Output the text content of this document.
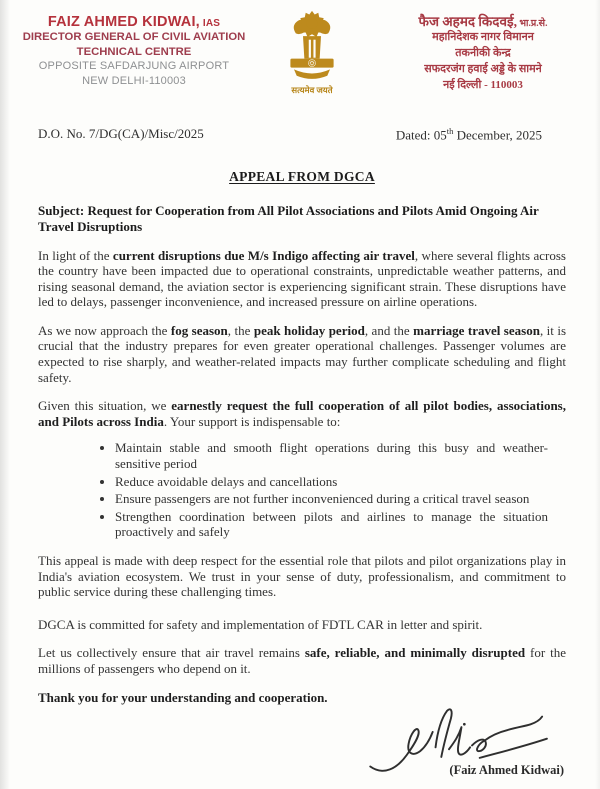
FAIZ AHMED KIDWAI, IAS
DIRECTOR GENERAL OF CIVIL AVIATION
TECHNICAL CENTRE
OPPOSITE SAFDARJUNG AIRPORT
NEW DELHI-110003
सत्यमेव जयते
फैज अहमद किदवई, भा.प्र.से.
महानिदेशक नागर विमानन
तकनीकी केन्द्र
सफदरजंग हवाई अड्डे के सामने
नई दिल्ली - 110003
D.O. No. 7/DG(CA)/Misc/2025	Dated: 05th December, 2025
APPEAL FROM DGCA
Subject: Request for Cooperation from All Pilot Associations and Pilots Amid Ongoing Air Travel Disruptions

In light of the current disruptions due M/s Indigo affecting air travel, where several flights across the country have been impacted due to operational constraints, unpredictable weather patterns, and rising seasonal demand, the aviation sector is experiencing significant strain. These disruptions have led to delays, passenger inconvenience, and increased pressure on airline operations.

As we now approach the fog season, the peak holiday period, and the marriage travel season, it is crucial that the industry prepares for even greater operational challenges. Passenger volumes are expected to rise sharply, and weather-related impacts may further complicate scheduling and flight safety.

Given this situation, we earnestly request the full cooperation of all pilot bodies, associations, and Pilots across India. Your support is indispensable to:

• Maintain stable and smooth flight operations during this busy and weather-sensitive period
• Reduce avoidable delays and cancellations
• Ensure passengers are not further inconvenienced during a critical travel season
• Strengthen coordination between pilots and airlines to manage the situation proactively and safely

This appeal is made with deep respect for the essential role that pilots and pilot organizations play in India's aviation ecosystem. We trust in your sense of duty, professionalism, and commitment to public service during these challenging times.

DGCA is committed for safety and implementation of FDTL CAR in letter and spirit.

Let us collectively ensure that air travel remains safe, reliable, and minimally disrupted for the millions of passengers who depend on it.

Thank you for your understanding and cooperation.

(Faiz Ahmed Kidwai)
